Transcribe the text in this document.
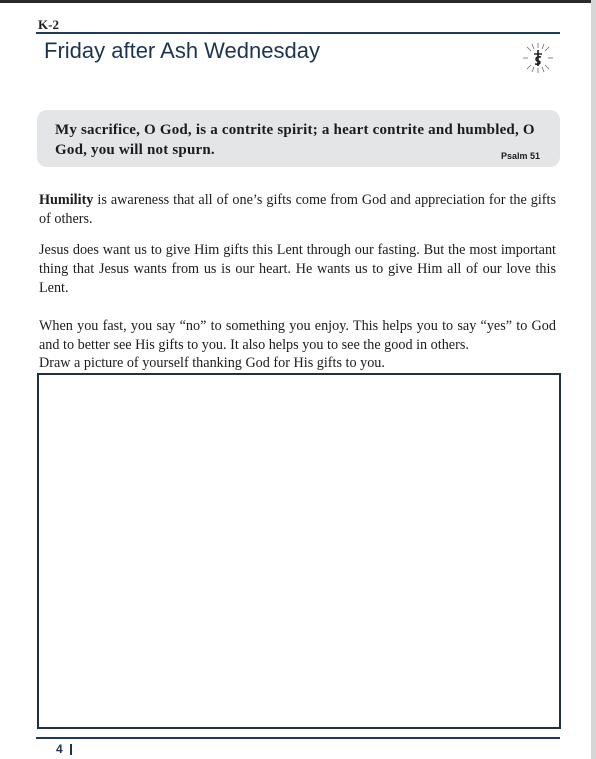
K-2
Friday after Ash Wednesday
My sacrifice, O God, is a contrite spirit; a heart contrite and humbled, O God, you will not spurn.	Psalm 51

Humility is awareness that all of one’s gifts come from God and appreciation for the gifts of others.

Jesus does want us to give Him gifts this Lent through our fasting. But the most important thing that Jesus wants from us is our heart. He wants us to give Him all of our love this Lent.

When you fast, you say “no” to something you enjoy. This helps you to say “yes” to God and to better see His gifts to you. It also helps you to see the good in others.

Draw a picture of yourself thanking God for His gifts to you.

4
